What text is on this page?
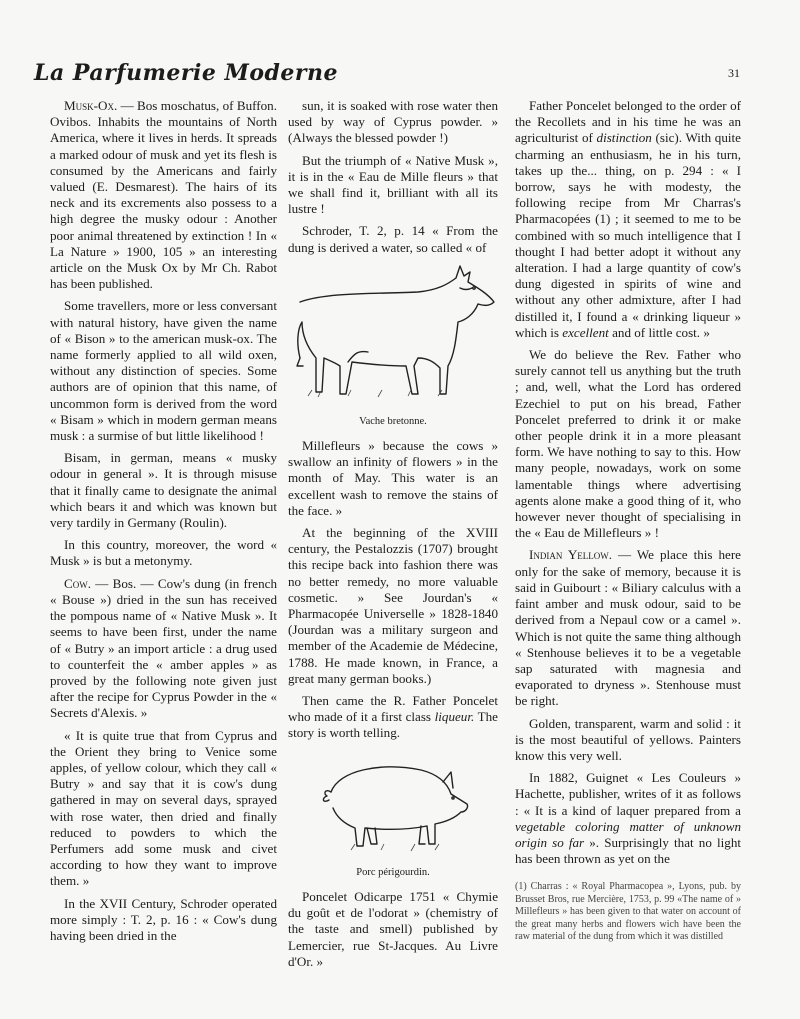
La Parfumerie Moderne	31

Musk-Ox. — Bos moschatus, of Buffon. Ovibos. Inhabits the mountains of North America, where it lives in herds. It spreads a marked odour of musk and yet its flesh is consumed by the Americans and fairly valued (E. Desmarest). The hairs of its neck and its excrements also possess to a high degree the musky odour : Another poor animal threatened by extinction ! In « La Nature » 1900, 105 » an interesting article on the Musk Ox by Mr Ch. Rabot has been published.

Some travellers, more or less conversant with natural history, have given the name of « Bison » to the american musk-ox. The name formerly applied to all wild oxen, without any distinction of species. Some authors are of opinion that this name, of uncommon form is derived from the word « Bisam » which in modern german means musk : a surmise of but little likelihood !

Bisam, in german, means « musky odour in general ». It is through misuse that it finally came to designate the animal which bears it and which was known but very tardily in Germany (Roulin).

In this country, moreover, the word « Musk » is but a metonymy.

Cow. — Bos. — Cow's dung (in french « Bouse ») dried in the sun has received the pompous name of « Native Musk ». It seems to have been first, under the name of « Butry » an import article : a drug used to counterfeit the « amber apples » as proved by the following note given just after the recipe for Cyprus Powder in the « Secrets d'Alexis. »

« It is quite true that from Cyprus and the Orient they bring to Venice some apples, of yellow colour, which they call « Butry » and say that it is cow's dung gathered in may on several days, sprayed with rose water, then dried and finally reduced to powders to which the Perfumers add some musk and civet according to how they want to improve them. »

In the XVII Century, Schroder operated more simply : T. 2, p. 16 : « Cow's dung having been dried in the

sun, it is soaked with rose water then used by way of Cyprus powder. » (Always the blessed powder !)

But the triumph of « Native Musk », it is in the « Eau de Mille fleurs » that we shall find it, brilliant with all its lustre !

Schroder, T. 2, p. 14 « From the dung is derived a water, so called « of

Vache bretonne.

Millefleurs » because the cows » swallow an infinity of flowers » in the month of May. This water is an excellent wash to remove the stains of the face. »

At the beginning of the XVIII century, the Pestalozzis (1707) brought this recipe back into fashion there was no better remedy, no more valuable cosmetic. » See Jourdan's « Pharmacopée Universelle » 1828-1840 (Jourdan was a military surgeon and member of the Academie de Médecine, 1788. He made known, in France, a great many german books.)

Then came the R. Father Poncelet who made of it a first class liqueur. The story is worth telling.

Porc périgourdin.

Poncelet Odicarpe 1751 « Chymie du goût et de l'odorat » (chemistry of the taste and smell) published by Lemercier, rue St-Jacques. Au Livre d'Or. »

Father Poncelet belonged to the order of the Recollets and in his time he was an agriculturist of distinction (sic). With quite charming an enthusiasm, he in his turn, takes up the... thing, on p. 294 : « I borrow, says he with modesty, the following recipe from Mr Charras's Pharmacopées (1) ; it seemed to me to be combined with so much intelligence that I thought I had better adopt it without any alteration. I had a large quantity of cow's dung digested in spirits of wine and without any other admixture, after I had distilled it, I found a « drinking liqueur » which is excellent and of little cost. »

We do believe the Rev. Father who surely cannot tell us anything but the truth ; and, well, what the Lord has ordered Ezechiel to put on his bread, Father Poncelet preferred to drink it or make other people drink it in a more pleasant form. We have nothing to say to this. How many people, nowadays, work on some lamentable things where advertising agents alone make a good thing of it, who however never thought of specialising in the « Eau de Millefleurs » !

Indian Yellow. — We place this here only for the sake of memory, because it is said in Guibourt : « Biliary calculus with a faint amber and musk odour, said to be derived from a Nepaul cow or a camel ». Which is not quite the same thing although « Stenhouse believes it to be a vegetable sap saturated with magnesia and evaporated to dryness ». Stenhouse must be right.

Golden, transparent, warm and solid : it is the most beautiful of yellows. Painters know this very well.

In 1882, Guignet « Les Couleurs » Hachette, publisher, writes of it as follows : « It is a kind of laquer prepared from a vegetable coloring matter of unknown origin so far ». Surprisingly that no light has been thrown as yet on the

(1) Charras : « Royal Pharmacopea », Lyons, pub. by Brusset Bros, rue Mercière, 1753, p. 99 «The name of » Millefleurs » has been given to that water on account of the great many herbs and flowers wich have been the raw material of the dung from which it was distilled
